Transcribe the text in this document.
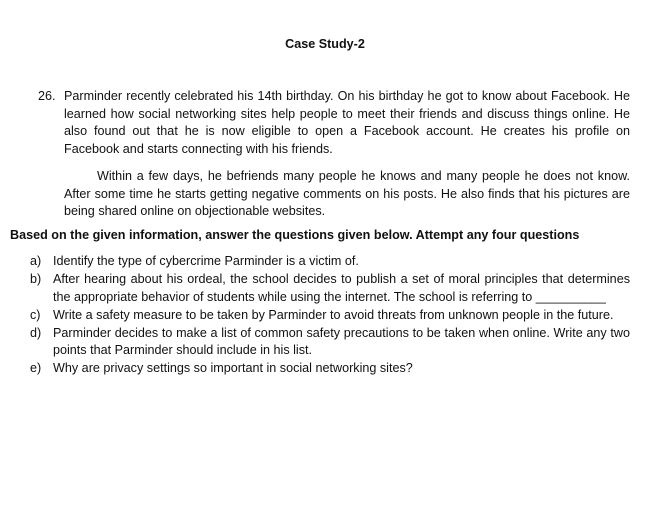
Case Study-2
26. Parminder recently celebrated his 14th birthday. On his birthday he got to know about Facebook. He learned how social networking sites help people to meet their friends and discuss things online. He also found out that he is now eligible to open a Facebook account. He creates his profile on Facebook and starts connecting with his friends.

Within a few days, he befriends many people he knows and many people he does not know. After some time he starts getting negative comments on his posts. He also finds that his pictures are being shared online on objectionable websites.

Based on the given information, answer the questions given below. Attempt any four questions
a) Identify the type of cybercrime Parminder is a victim of.
b) After hearing about his ordeal, the school decides to publish a set of moral principles that determines the appropriate behavior of students while using the internet. The school is referring to __________
c) Write a safety measure to be taken by Parminder to avoid threats from unknown people in the future.
d) Parminder decides to make a list of common safety precautions to be taken when online. Write any two points that Parminder should include in his list.
e) Why are privacy settings so important in social networking sites?
